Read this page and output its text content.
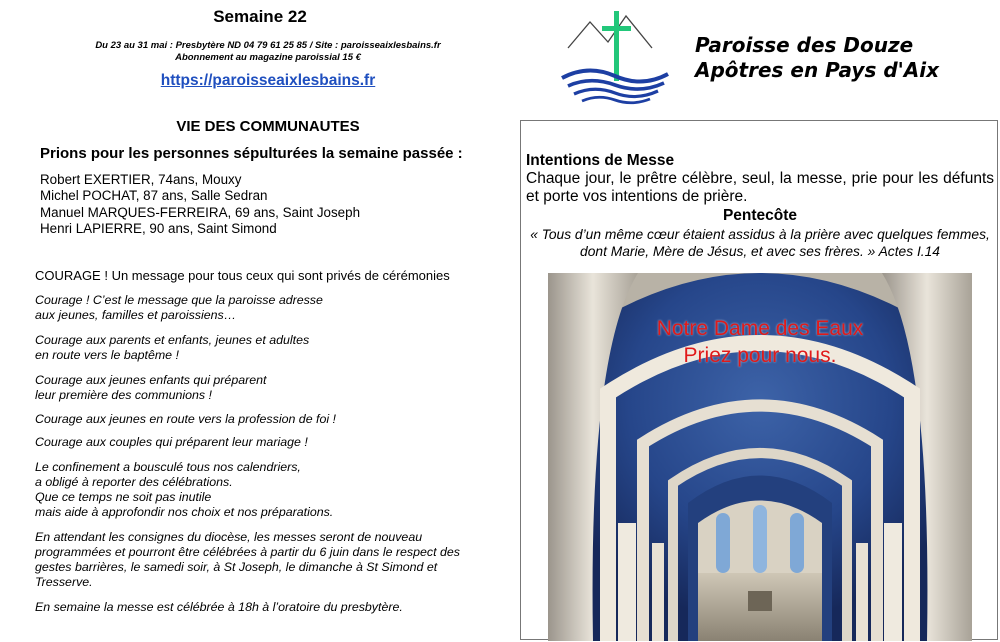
Semaine 22
Du 23 au 31 mai : Presbytère ND 04 79 61 25 85 / Site : paroisseaixlesbains.fr
Abonnement au magazine paroissial 15 €
https://paroisseaixlesbains.fr
VIE DES COMMUNAUTES
Prions pour les personnes sépulturées la semaine passée :
Robert EXERTIER, 74ans, Mouxy
Michel POCHAT, 87 ans, Salle Sedran
Manuel MARQUES-FERREIRA, 69 ans, Saint Joseph
Henri LAPIERRE, 90 ans, Saint Simond
COURAGE ! Un message pour tous ceux qui sont privés de cérémonies
Courage ! C’est le message que la paroisse adresse
aux jeunes, familles et paroissiens…
Courage aux parents et enfants, jeunes et adultes
en route vers le baptême !
Courage aux jeunes enfants qui préparent
leur première des communions !
Courage aux jeunes en route vers la profession de foi !
Courage aux couples qui préparent leur mariage !
Le confinement a bousculé tous nos calendriers,
a obligé à reporter des célébrations.
Que ce temps ne soit pas inutile
mais aide à approfondir nos choix et nos préparations.
En attendant les consignes du diocèse, les messes seront de nouveau
programmées et pourront être célébrées à partir du 6 juin dans le respect des
gestes barrières, le samedi soir, à St Joseph, le dimanche à St Simond et
Tresserve.
En semaine la messe est célébrée à 18h à l’oratoire du presbytère.
Paroisse des Douze
Apôtres en Pays d'Aix
Intentions de Messe
Chaque jour, le prêtre célèbre, seul, la messe, prie pour les défunts et porte vos intentions de prière.
Pentecôte
« Tous d’un même cœur étaient assidus à la prière avec quelques femmes, dont Marie, Mère de Jésus, et avec ses frères. » Actes I.14
Notre Dame des Eaux
Priez pour nous.
